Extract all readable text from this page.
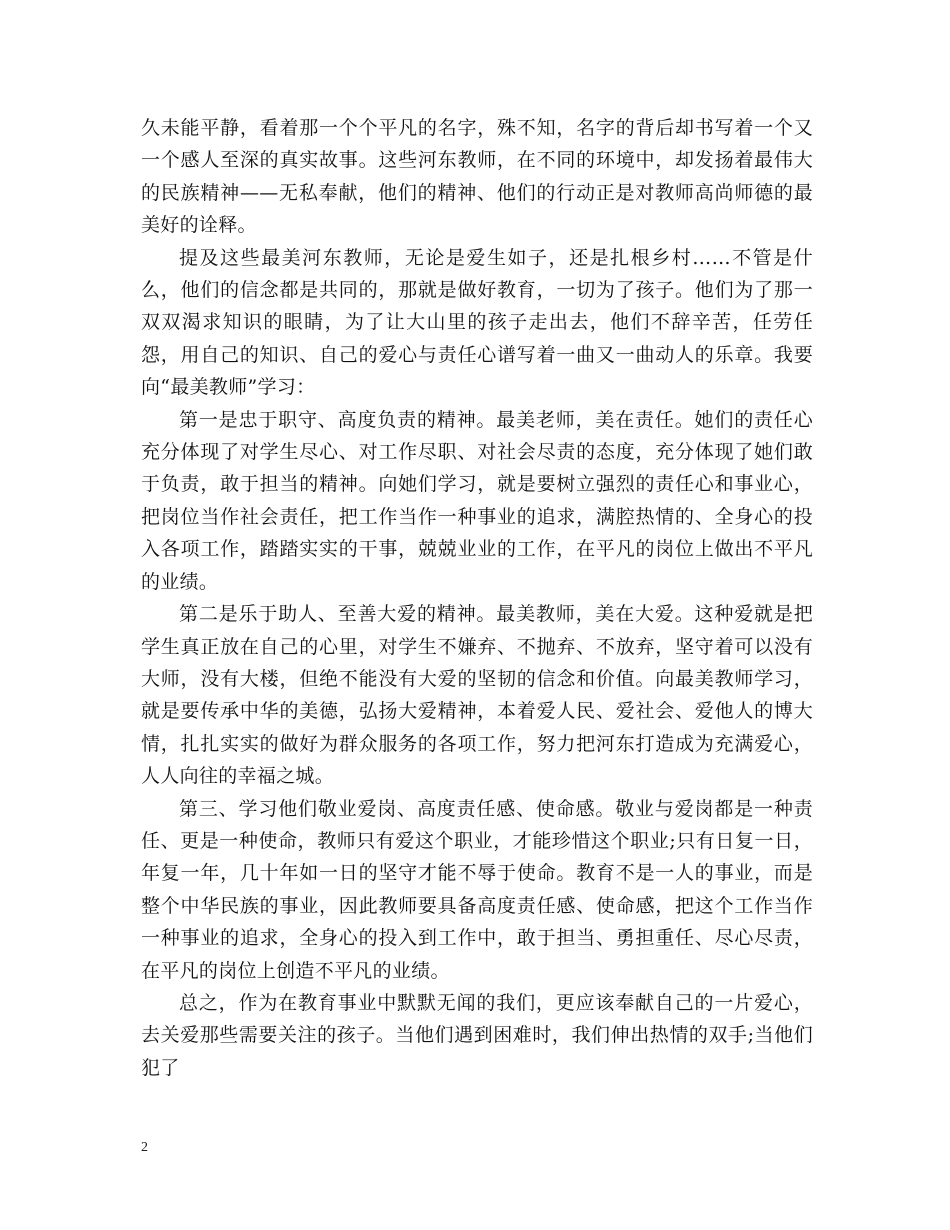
久未能平静，看着那一个个平凡的名字，殊不知，名字的背后却书写着一个又一个感人至深的真实故事。这些河东教师，在不同的环境中，却发扬着最伟大的民族精神——无私奉献，他们的精神、他们的行动正是对教师高尚师德的最美好的诠释。

提及这些最美河东教师，无论是爱生如子，还是扎根乡村……不管是什么，他们的信念都是共同的，那就是做好教育，一切为了孩子。他们为了那一双双渴求知识的眼睛，为了让大山里的孩子走出去，他们不辞辛苦，任劳任怨，用自己的知识、自己的爱心与责任心谱写着一曲又一曲动人的乐章。我要向“最美教师”学习：

第一是忠于职守、高度负责的精神。最美老师，美在责任。她们的责任心充分体现了对学生尽心、对工作尽职、对社会尽责的态度，充分体现了她们敢于负责，敢于担当的精神。向她们学习，就是要树立强烈的责任心和事业心，把岗位当作社会责任，把工作当作一种事业的追求，满腔热情的、全身心的投入各项工作，踏踏实实的干事，兢兢业业的工作，在平凡的岗位上做出不平凡的业绩。

第二是乐于助人、至善大爱的精神。最美教师，美在大爱。这种爱就是把学生真正放在自己的心里，对学生不嫌弃、不抛弃、不放弃，坚守着可以没有大师，没有大楼，但绝不能没有大爱的坚韧的信念和价值。向最美教师学习，就是要传承中华的美德，弘扬大爱精神，本着爱人民、爱社会、爱他人的博大情，扎扎实实的做好为群众服务的各项工作，努力把河东打造成为充满爱心，人人向往的幸福之城。

第三、学习他们敬业爱岗、高度责任感、使命感。敬业与爱岗都是一种责任、更是一种使命，教师只有爱这个职业，才能珍惜这个职业;只有日复一日，年复一年，几十年如一日的坚守才能不辱于使命。教育不是一人的事业，而是整个中华民族的事业，因此教师要具备高度责任感、使命感，把这个工作当作一种事业的追求，全身心的投入到工作中，敢于担当、勇担重任、尽心尽责，在平凡的岗位上创造不平凡的业绩。

总之，作为在教育事业中默默无闻的我们，更应该奉献自己的一片爱心，去关爱那些需要关注的孩子。当他们遇到困难时，我们伸出热情的双手;当他们犯了

2
